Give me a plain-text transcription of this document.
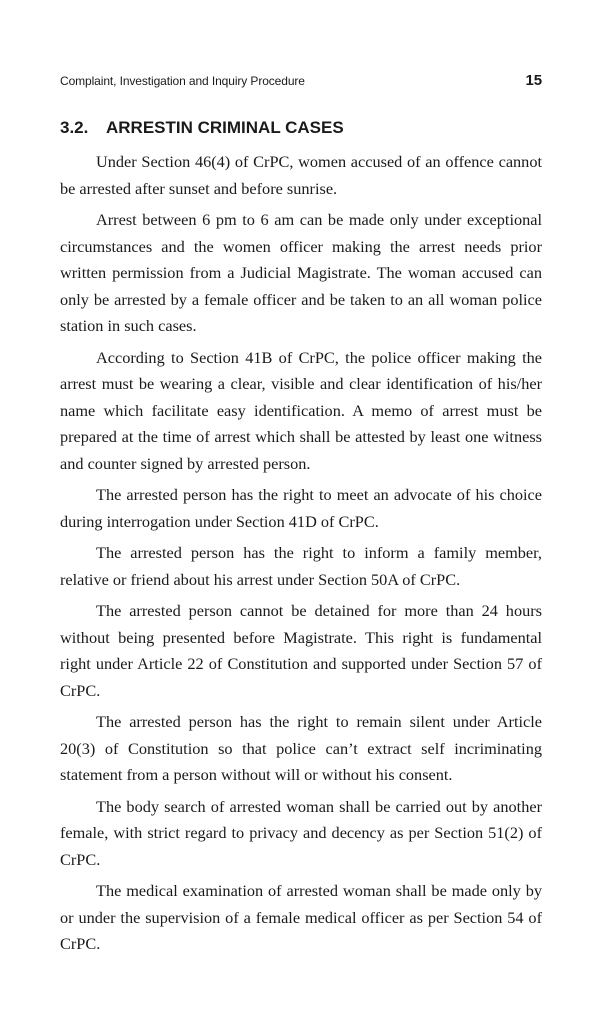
Complaint, Investigation and Inquiry Procedure	15
3.2. ARRESTIN CRIMINAL CASES

Under Section 46(4) of CrPC, women accused of an offence cannot be arrested after sunset and before sunrise.

Arrest between 6 pm to 6 am can be made only under exceptional circumstances and the women officer making the arrest needs prior written permission from a Judicial Magistrate. The woman accused can only be arrested by a female officer and be taken to an all woman police station in such cases.

According to Section 41B of CrPC, the police officer making the arrest must be wearing a clear, visible and clear identification of his/her name which facilitate easy identification. A memo of arrest must be prepared at the time of arrest which shall be attested by least one witness and counter signed by arrested person.

The arrested person has the right to meet an advocate of his choice during interrogation under Section 41D of CrPC.

The arrested person has the right to inform a family member, relative or friend about his arrest under Section 50A of CrPC.

The arrested person cannot be detained for more than 24 hours without being presented before Magistrate. This right is fundamental right under Article 22 of Constitution and supported under Section 57 of CrPC.

The arrested person has the right to remain silent under Article 20(3) of Constitution so that police can’t extract self incriminating statement from a person without will or without his consent.

The body search of arrested woman shall be carried out by another female, with strict regard to privacy and decency as per Section 51(2) of CrPC.

The medical examination of arrested woman shall be made only by or under the supervision of a female medical officer as per Section 54 of CrPC.
